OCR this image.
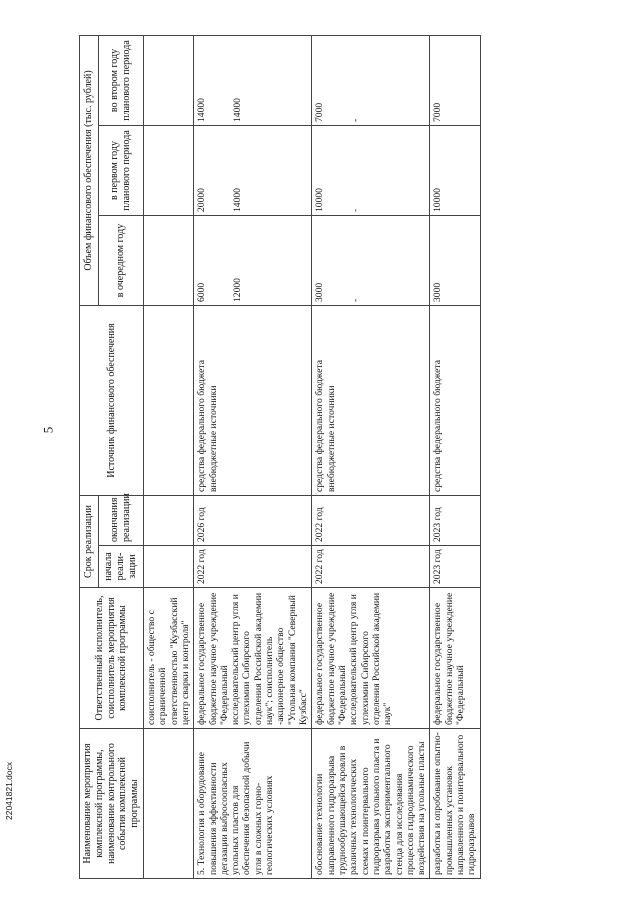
5
22041821.docx	Наименование мероприятия комплексной программы, наименование контрольного события комплексной программы	Ответственный исполнитель, соисполнитель мероприятия комплексной программы	Срок реализации		Источник финансового обеспечения	Объем финансового обеспечения (тыс. рублей)		
		начала реали-зации	окончания реализации		в очередном году	в первом году планового периода	во втором году планового периода
	соисполнитель - общество с ограниченной ответственностью "Кузбасский центр сварки и контроля"						
5. Технология и оборудование повышения эффективности дегазации выбросоопасных угольных пластов для обеспечения безопасной добычи угля в сложных горно-геологических условиях	федеральное государственное бюджетное научное учреждение "Федеральный исследовательский центр угля и углехимии Сибирского отделения Российской академии наук"; соисполнитель -акционерное общество "Угольная компания "Северный Кузбасс"	2022 год	2026 год	средства федерального бюджета внебюджетные источники	6000 12000	20000 14000	14000 14000

обоснование технологии направленного гидроразрыва труднообрушающейся кровли в различных технологических схемах и поинтервального гидроразрыва угольного пласта и разработка экспериментального стенда для исследования процессов гидродинамического воздействия на угольные пласты	федеральное государственное бюджетное научное учреждение "Федеральный исследовательский центр угля и углехимии Сибирского отделения Российской академии наук"	2022 год	2022 год	средства федерального бюджета внебюджетные источники	3000 -	10000 -	7000 -

разработка и опробование опытно-промышленных установок направленного и поинтервального гидроразрывов	федеральное государственное бюджетное научное учреждение "Федеральный	2023 год	2023 год	средства федерального бюджета	3000	10000	7000
